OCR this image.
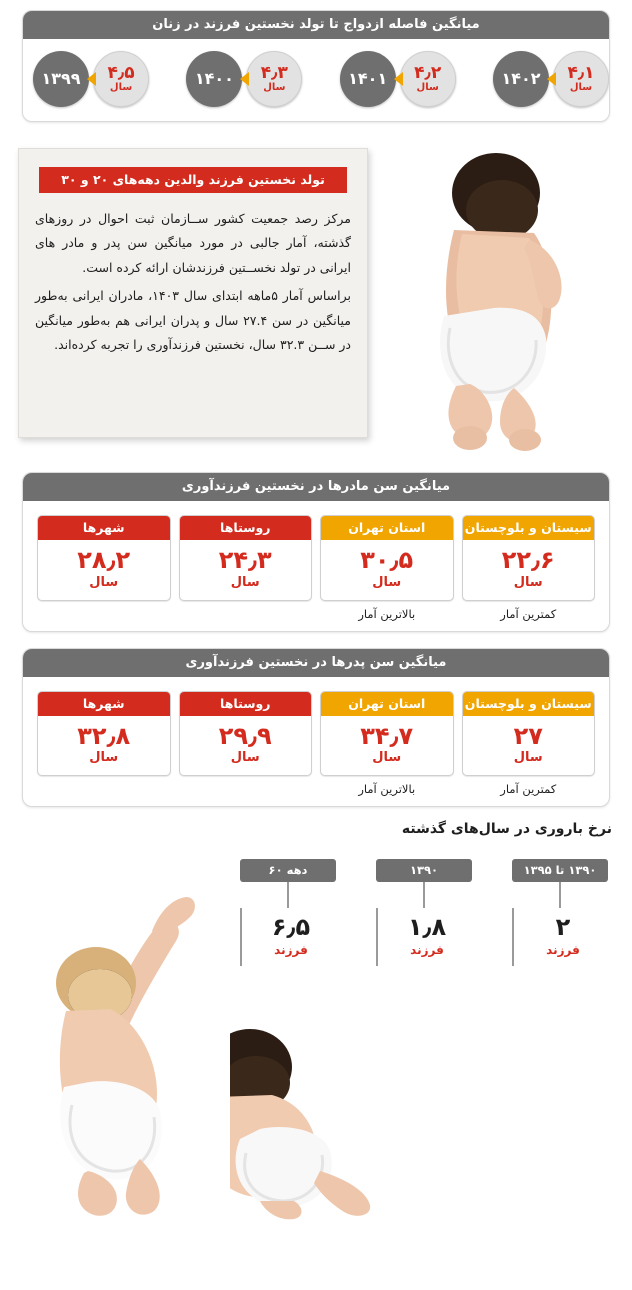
میانگین فاصله ازدواج تا تولد نخستین فرزند در زنان
۴٫۱
سال
۱۴۰۲
۴٫۲
سال
۱۴۰۱
۴٫۳
سال
۱۴۰۰
۴٫۵
سال
۱۳۹۹
تولد نخستین فرزند والدین دهه‌های ۲۰ و ۳۰

مرکز رصد جمعیت کشور ســازمان ثبت احوال در روزهای گذشته، آمار جالبی در مورد میانگین سن پدر و مادر های ایرانی در تولد نخســتین فرزندشان ارائه کرده است.

براساس آمار ۵ماهه ابتدای سال ۱۴۰۳، مادران ایرانی به‌طور میانگین در سن ۲۷.۴ سال و پدران ایرانی هم به‌طور میانگین در ســن ۳۲.۳ سال، نخستین فرزندآوری را تجربه کرده‌اند.

میانگین سن مادرها در نخستین فرزندآوری
سیستان و بلوچستان
۲۲٫۶
سال
کمترین آمار
استان تهران
۳۰٫۵
سال
بالاترین آمار
روستاها
۲۴٫۳
سال
شهرها
۲۸٫۲
سال
میانگین سن پدرها در نخستین فرزندآوری
سیستان و بلوچستان
۲۷
سال
کمترین آمار
استان تهران
۳۴٫۷
سال
بالاترین آمار
روستاها
۲۹٫۹
سال
شهرها
۳۲٫۸
سال
نرخ باروری در سال‌های گذشته
۱۳۹۰ تا ۱۳۹۵
۲
فرزند
۱۳۹۰
۱٫۸
فرزند
دهه ۶۰
۶٫۵
فرزند
